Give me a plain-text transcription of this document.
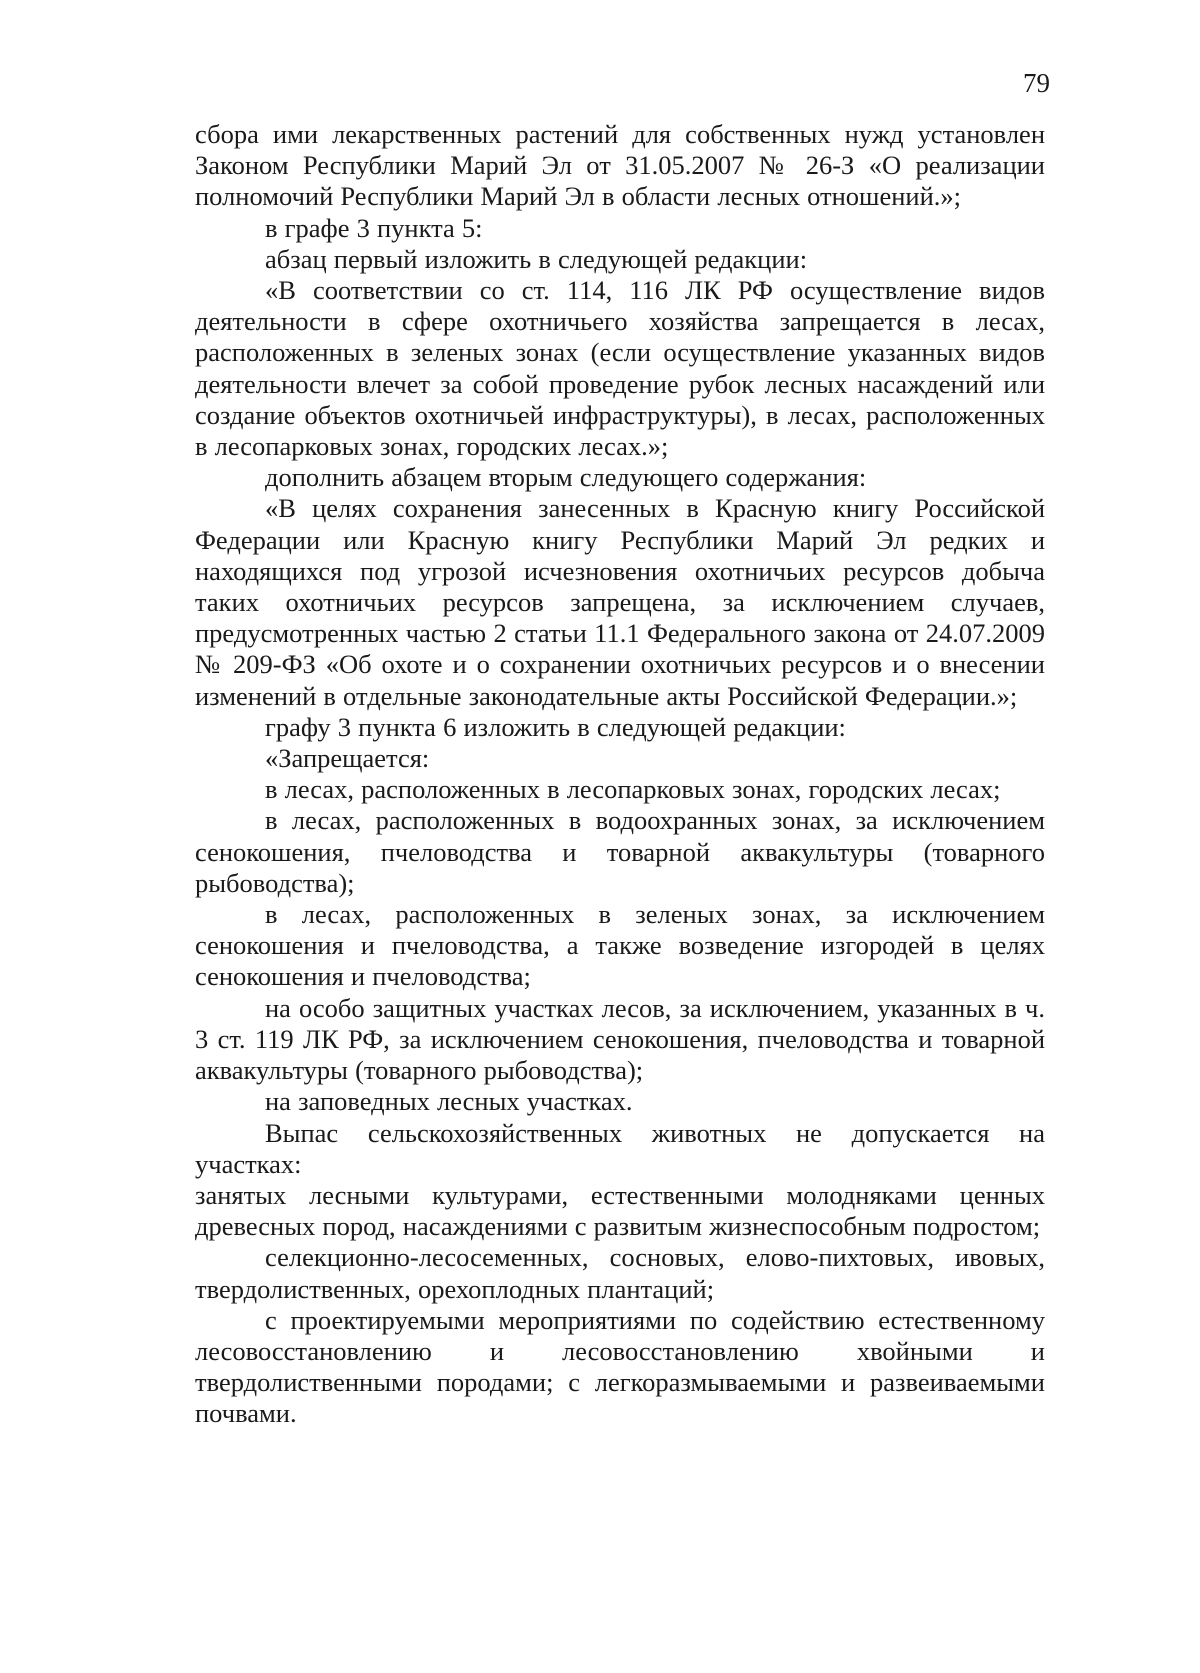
79

сбора ими лекарственных растений для собственных нужд установлен Законом Республики Марий Эл от 31.05.2007 № 26-З «О реализации полномочий Республики Марий Эл в области лесных отношений.»;

в графе 3 пункта 5:

абзац первый изложить в следующей редакции:

«В соответствии со ст. 114, 116 ЛК РФ осуществление видов деятельности в сфере охотничьего хозяйства запрещается в лесах, расположенных в зеленых зонах (если осуществление указанных видов деятельности влечет за собой проведение рубок лесных насаждений или создание объектов охотничьей инфраструктуры), в лесах, расположенных в лесопарковых зонах, городских лесах.»;

дополнить абзацем вторым следующего содержания:

«В целях сохранения занесенных в Красную книгу Российской Федерации или Красную книгу Республики Марий Эл редких и находящихся под угрозой исчезновения охотничьих ресурсов добыча таких охотничьих ресурсов запрещена, за исключением случаев, предусмотренных частью 2 статьи 11.1 Федерального закона от 24.07.2009 № 209-ФЗ «Об охоте и о сохранении охотничьих ресурсов и о внесении изменений в отдельные законодательные акты Российской Федерации.»;

графу 3 пункта 6 изложить в следующей редакции:

«Запрещается:

в лесах, расположенных в лесопарковых зонах, городских лесах;

в лесах, расположенных в водоохранных зонах, за исключением сенокошения, пчеловодства и товарной аквакультуры (товарного рыбоводства);

в лесах, расположенных в зеленых зонах, за исключением сенокошения и пчеловодства, а также возведение изгородей в целях сенокошения и пчеловодства;

на особо защитных участках лесов, за исключением, указанных в ч. 3 ст. 119 ЛК РФ, за исключением сенокошения, пчеловодства и товарной аквакультуры (товарного рыбоводства);

на заповедных лесных участках.

Выпас сельскохозяйственных животных не допускается на участках:

занятых лесными культурами, естественными молодняками ценных древесных пород, насаждениями с развитым жизнеспособным подростом;

селекционно-лесосеменных, сосновых, елово-пихтовых, ивовых, твердолиственных, орехоплодных плантаций;

с проектируемыми мероприятиями по содействию естественному лесовосстановлению и лесовосстановлению хвойными и твердолиственными породами; с легкоразмываемыми и развеиваемыми почвами.
